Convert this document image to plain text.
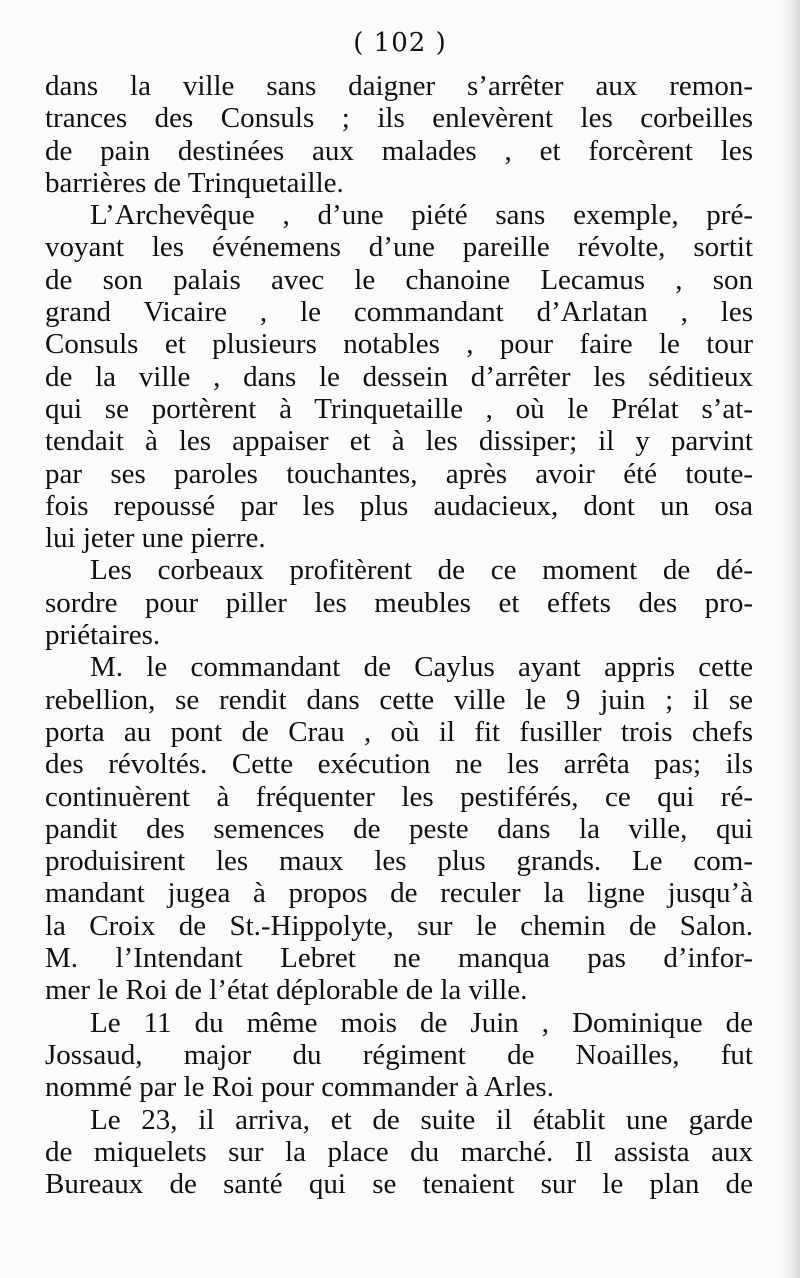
( 102 )
dans la ville sans daigner s’arrêter aux remon-
trances des Consuls ; ils enlevèrent les corbeilles
de pain destinées aux malades , et forcèrent les
barrières de Trinquetaille.
L’Archevêque , d’une piété sans exemple, pré-
voyant les événemens d’une pareille révolte, sortit
de son palais avec le chanoine Lecamus , son
grand Vicaire , le commandant d’Arlatan , les
Consuls et plusieurs notables , pour faire le tour
de la ville , dans le dessein d’arrêter les séditieux
qui se portèrent à Trinquetaille , où le Prélat s’at-
tendait à les appaiser et à les dissiper; il y parvint
par ses paroles touchantes, après avoir été toute-
fois repoussé par les plus audacieux, dont un osa
lui jeter une pierre.
Les corbeaux profitèrent de ce moment de dé-
sordre pour piller les meubles et effets des pro-
priétaires.
M. le commandant de Caylus ayant appris cette
rebellion, se rendit dans cette ville le 9 juin ; il se
porta au pont de Crau , où il fit fusiller trois chefs
des révoltés. Cette exécution ne les arrêta pas; ils
continuèrent à fréquenter les pestiférés, ce qui ré-
pandit des semences de peste dans la ville, qui
produisirent les maux les plus grands. Le com-
mandant jugea à propos de reculer la ligne jusqu’à
la Croix de St.-Hippolyte, sur le chemin de Salon.
M. l’Intendant Lebret ne manqua pas d’infor-
mer le Roi de l’état déplorable de la ville.
Le 11 du même mois de Juin , Dominique de
Jossaud, major du régiment de Noailles, fut
nommé par le Roi pour commander à Arles.
Le 23, il arriva, et de suite il établit une garde
de miquelets sur la place du marché. Il assista aux
Bureaux de santé qui se tenaient sur le plan de
